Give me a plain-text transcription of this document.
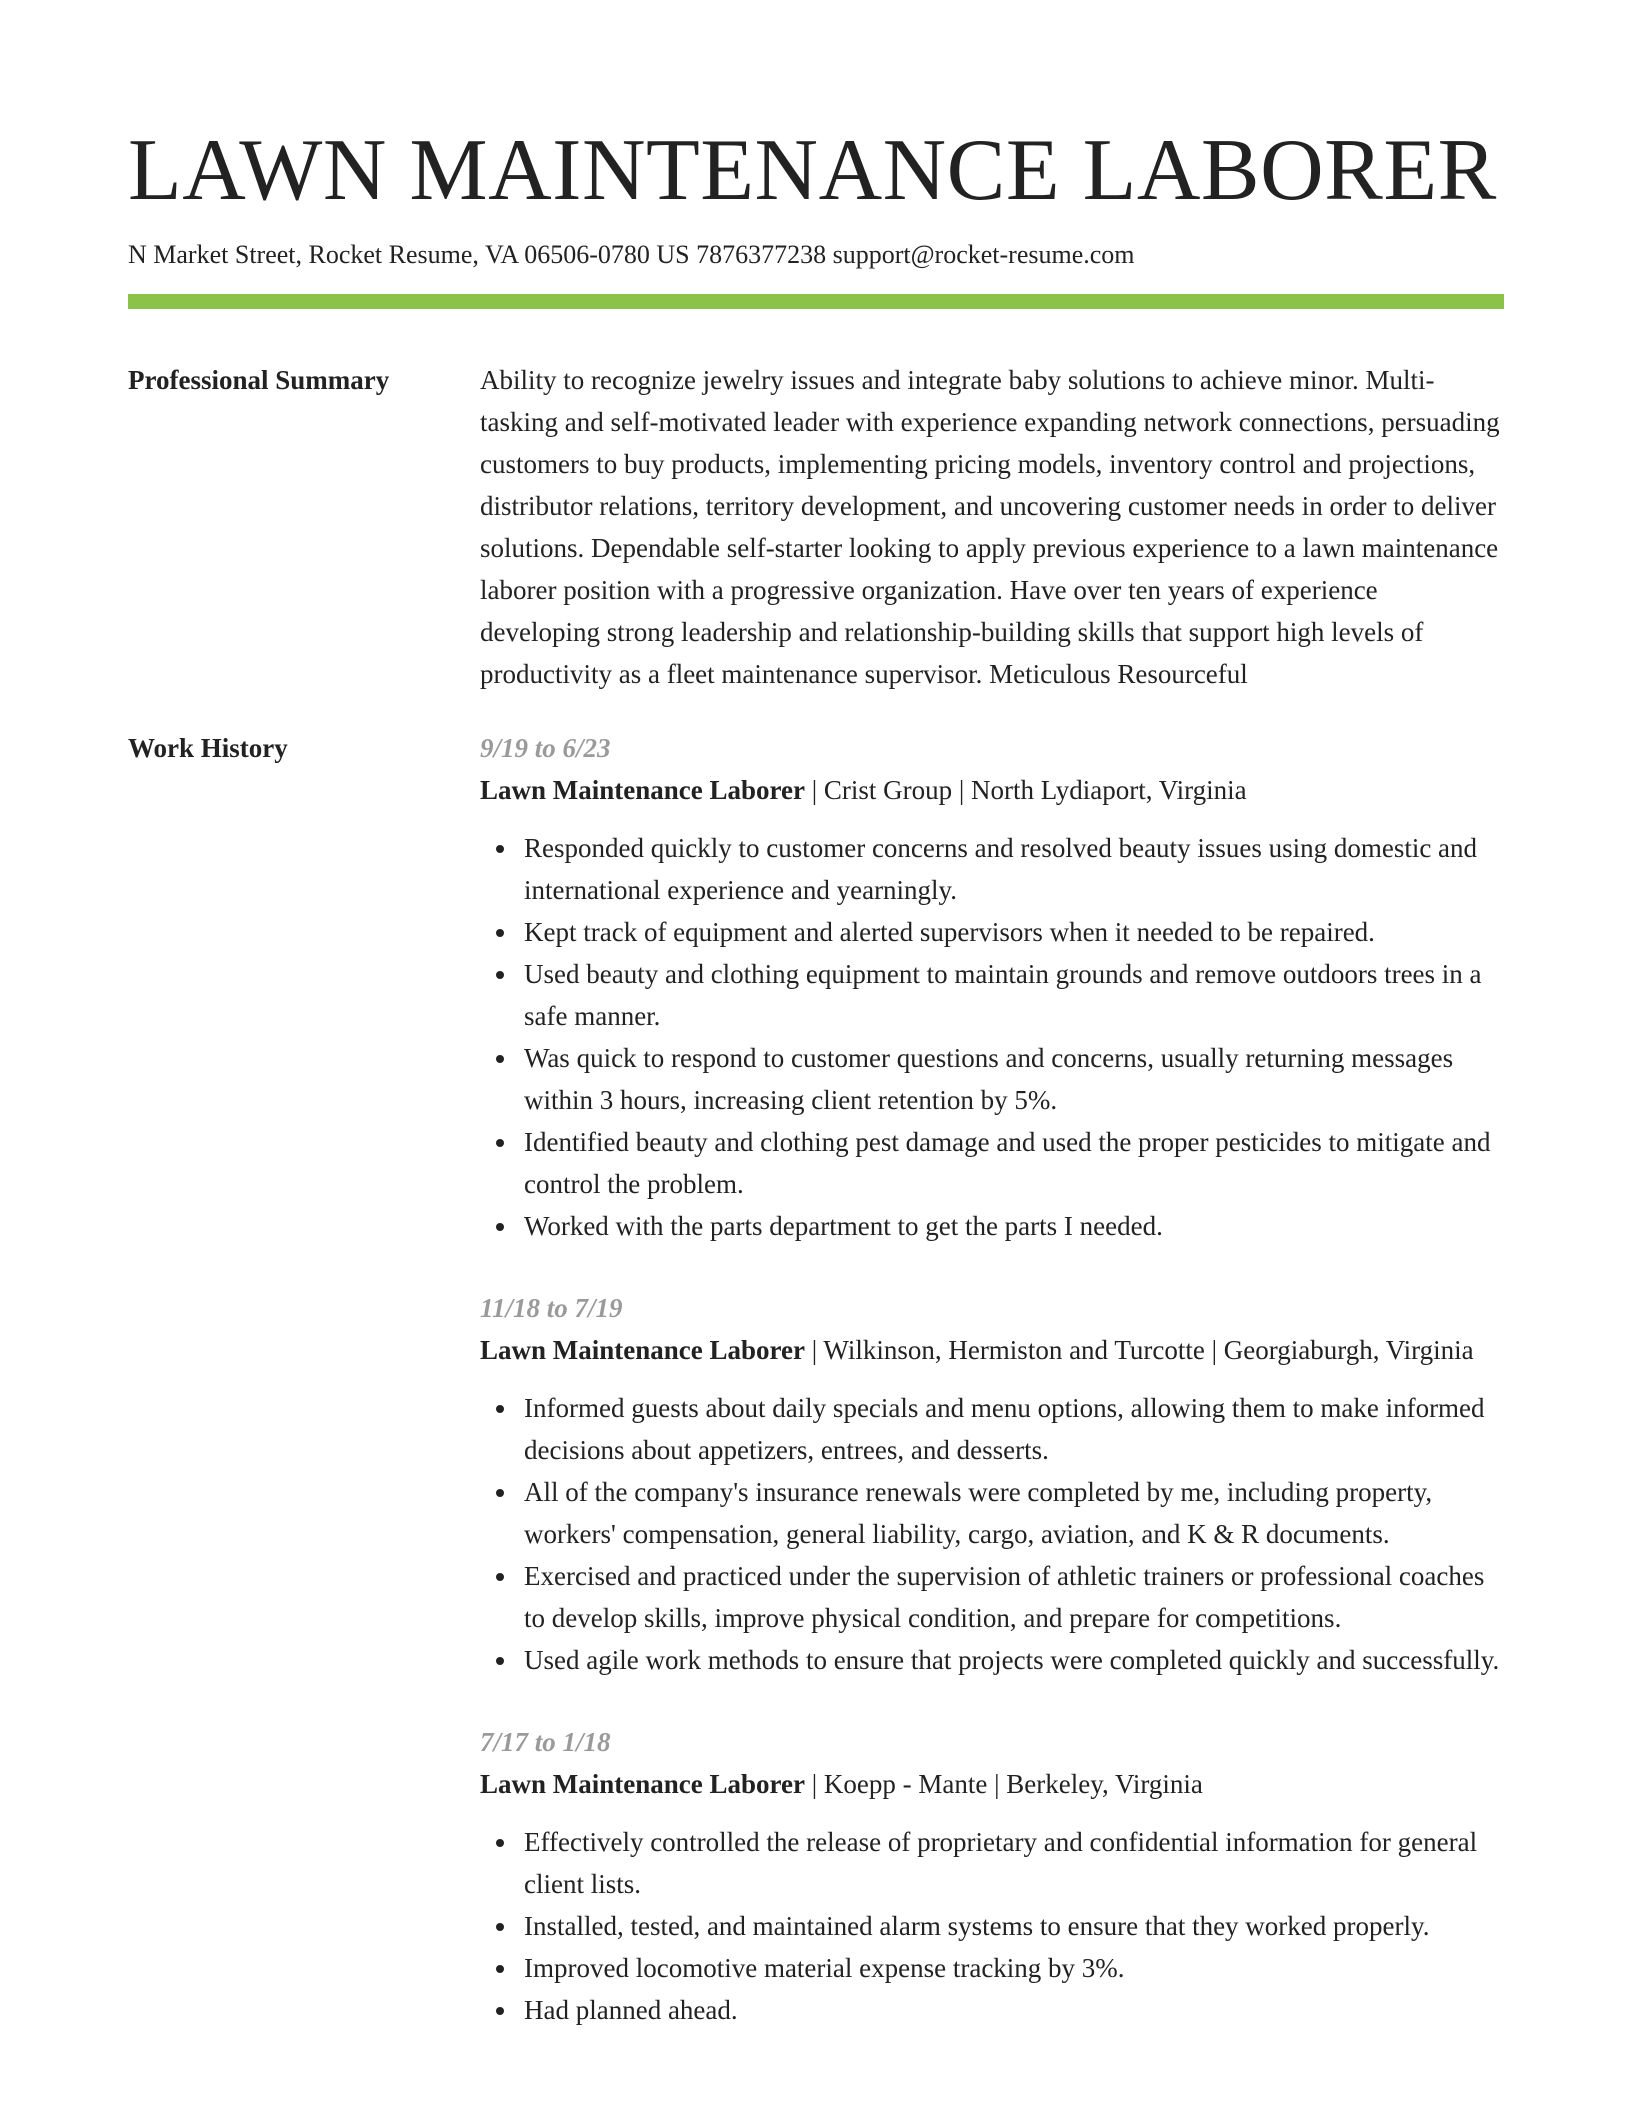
LAWN MAINTENANCE LABORER
N Market Street, Rocket Resume, VA 06506-0780 US 7876377238 support@rocket-resume.com
Professional Summary	Ability to recognize jewelry issues and integrate baby solutions to achieve minor. Multi-tasking and self-motivated leader with experience expanding network connections, persuading customers to buy products, implementing pricing models, inventory control and projections, distributor relations, territory development, and uncovering customer needs in order to deliver solutions. Dependable self-starter looking to apply previous experience to a lawn maintenance laborer position with a progressive organization. Have over ten years of experience developing strong leadership and relationship-building skills that support high levels of productivity as a fleet maintenance supervisor. Meticulous Resourceful

Work History	9/19 to 6/23
Lawn Maintenance Laborer | Crist Group | North Lydiaport, Virginia
Responded quickly to customer concerns and resolved beauty issues using domestic and international experience and yearningly.
Kept track of equipment and alerted supervisors when it needed to be repaired.
Used beauty and clothing equipment to maintain grounds and remove outdoors trees in a safe manner.
Was quick to respond to customer questions and concerns, usually returning messages within 3 hours, increasing client retention by 5%.
Identified beauty and clothing pest damage and used the proper pesticides to mitigate and control the problem.
Worked with the parts department to get the parts I needed.
11/18 to 7/19
Lawn Maintenance Laborer | Wilkinson, Hermiston and Turcotte | Georgiaburgh, Virginia
Informed guests about daily specials and menu options, allowing them to make informed decisions about appetizers, entrees, and desserts.
All of the company's insurance renewals were completed by me, including property, workers' compensation, general liability, cargo, aviation, and K & R documents.
Exercised and practiced under the supervision of athletic trainers or professional coaches to develop skills, improve physical condition, and prepare for competitions.
Used agile work methods to ensure that projects were completed quickly and successfully.
7/17 to 1/18
Lawn Maintenance Laborer | Koepp - Mante | Berkeley, Virginia
Effectively controlled the release of proprietary and confidential information for general client lists.
Installed, tested, and maintained alarm systems to ensure that they worked properly.
Improved locomotive material expense tracking by 3%.
Had planned ahead.
